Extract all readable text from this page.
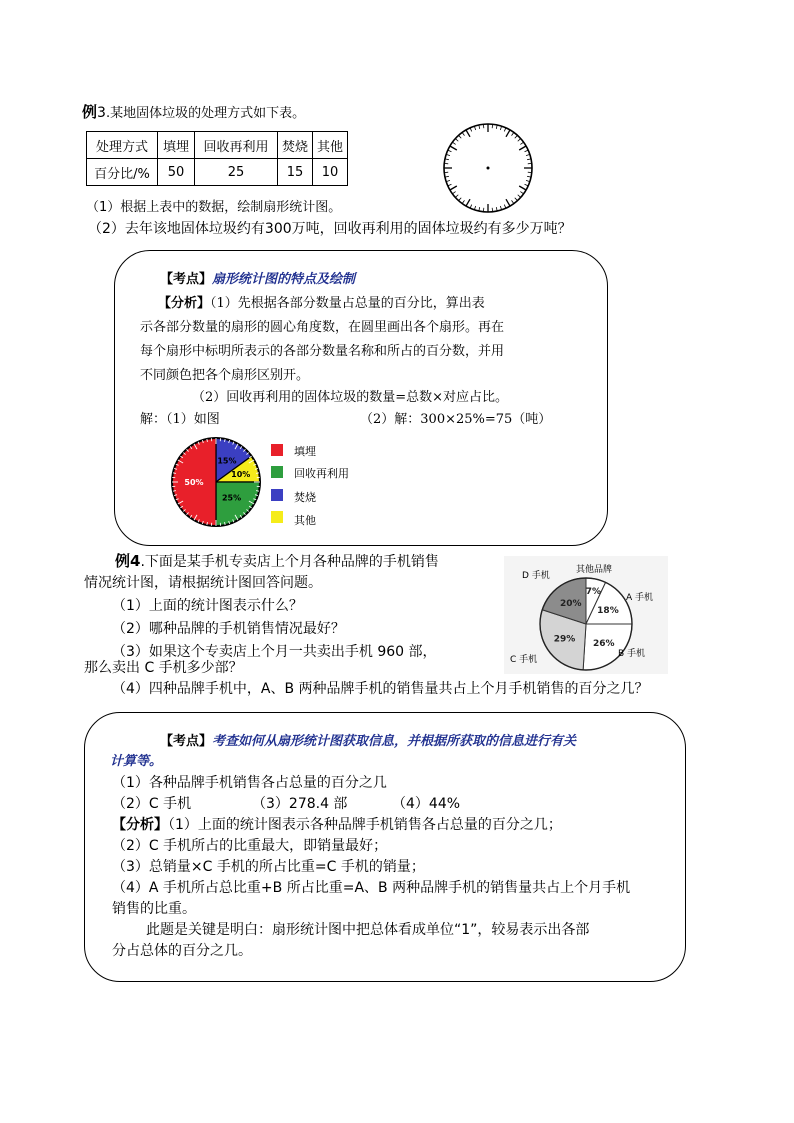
例3.某地固体垃圾的处理方式如下表。
处理方式	填埋	回收再利用	焚烧	其他
百分比/%	50	25	15	10
（1）根据上表中的数据，绘制扇形统计图。
（2）去年该地固体垃圾约有300万吨，回收再利用的固体垃圾约有多少万吨？
【考点】扇形统计图的特点及绘制
【分析】（1）先根据各部分数量占总量的百分比，算出表
示各部分数量的扇形的圆心角度数，在圆里画出各个扇形。再在
每个扇形中标明所表示的各部分数量名称和所占的百分数，并用
不同颜色把各个扇形区别开。
（2）回收再利用的固体垃圾的数量=总数×对应占比。
解：（1）如图	（2）解：300×25%=75（吨）
15%
10%
25%
50%
填埋
回收再利用
焚烧
其他
例4.下面是某手机专卖店上个月各种品牌的手机销售
情况统计图，请根据统计图回答问题。
（1）上面的统计图表示什么？
（2）哪种品牌的手机销售情况最好？
（3）如果这个专卖店上个月一共卖出手机 960 部，
那么卖出 C 手机多少部？
（4）四种品牌手机中，A、B 两种品牌手机的销售量共占上个月手机销售的百分之几？
7%
18%
26%
29%
20%
D 手机
其他品牌
A 手机
B 手机
C 手机
【考点】考查如何从扇形统计图获取信息，并根据所获取的信息进行有关
计算等。
（1）各种品牌手机销售各占总量的百分之几
（2）C 手机	（3）278.4 部	（4）44%
【分析】（1）上面的统计图表示各种品牌手机销售各占总量的百分之几；
（2）C 手机所占的比重最大，即销量最好；
（3）总销量×C 手机的所占比重=C 手机的销量；
（4）A 手机所占总比重+B 所占比重=A、B 两种品牌手机的销售量共占上个月手机
销售的比重。
此题是关键是明白：扇形统计图中把总体看成单位“1”，较易表示出各部
分占总体的百分之几。
